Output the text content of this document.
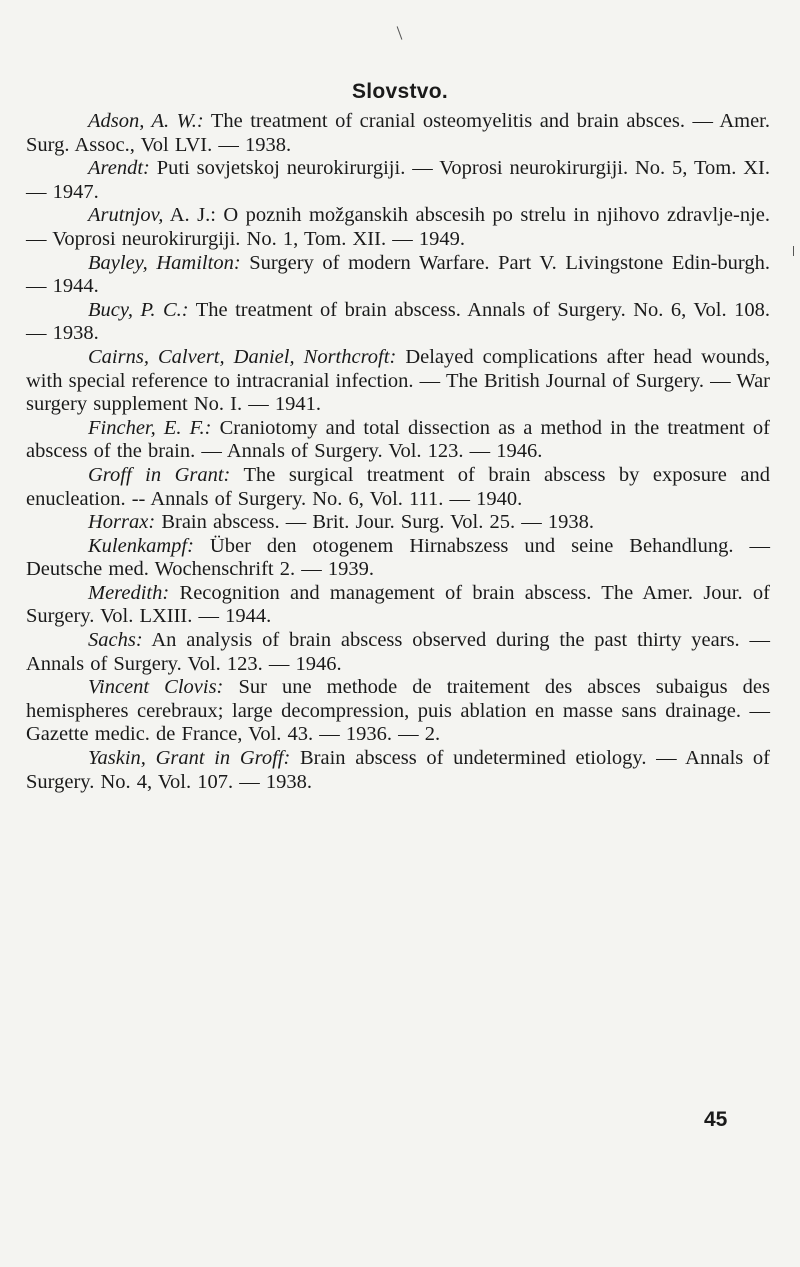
Slovstvo.

Adson, A. W.: The treatment of cranial osteomyelitis and brain absces. — Amer. Surg. Assoc., Vol LVI. — 1938.

Arendt: Puti sovjetskoj neurokirurgiji. — Voprosi neurokirurgiji. No. 5, Tom. XI. — 1947.

Arutnjov, A. J.: O poznih možganskih abscesih po strelu in njihovo zdravlje-nje. — Voprosi neurokirurgiji. No. 1, Tom. XII. — 1949.

Bayley, Hamilton: Surgery of modern Warfare. Part V. Livingstone Edin-burgh. — 1944.

Bucy, P. C.: The treatment of brain abscess. Annals of Surgery. No. 6, Vol. 108. — 1938.

Cairns, Calvert, Daniel, Northcroft: Delayed complications after head wounds, with special reference to intracranial infection. — The British Journal of Surgery. — War surgery supplement No. I. — 1941.

Fincher, E. F.: Craniotomy and total dissection as a method in the treatment of abscess of the brain. — Annals of Surgery. Vol. 123. — 1946.

Groff in Grant: The surgical treatment of brain abscess by exposure and enucleation. -- Annals of Surgery. No. 6, Vol. 111. — 1940.

Horrax: Brain abscess. — Brit. Jour. Surg. Vol. 25. — 1938.

Kulenkampf: Über den otogenem Hirnabszess und seine Behandlung. — Deutsche med. Wochenschrift 2. — 1939.

Meredith: Recognition and management of brain abscess. The Amer. Jour. of Surgery. Vol. LXIII. — 1944.

Sachs: An analysis of brain abscess observed during the past thirty years. — Annals of Surgery. Vol. 123. — 1946.

Vincent Clovis: Sur une methode de traitement des absces subaigus des hemispheres cerebraux; large decompression, puis ablation en masse sans drainage. — Gazette medic. de France, Vol. 43. — 1936. — 2.

Yaskin, Grant in Groff: Brain abscess of undetermined etiology. — Annals of Surgery. No. 4, Vol. 107. — 1938.

45
